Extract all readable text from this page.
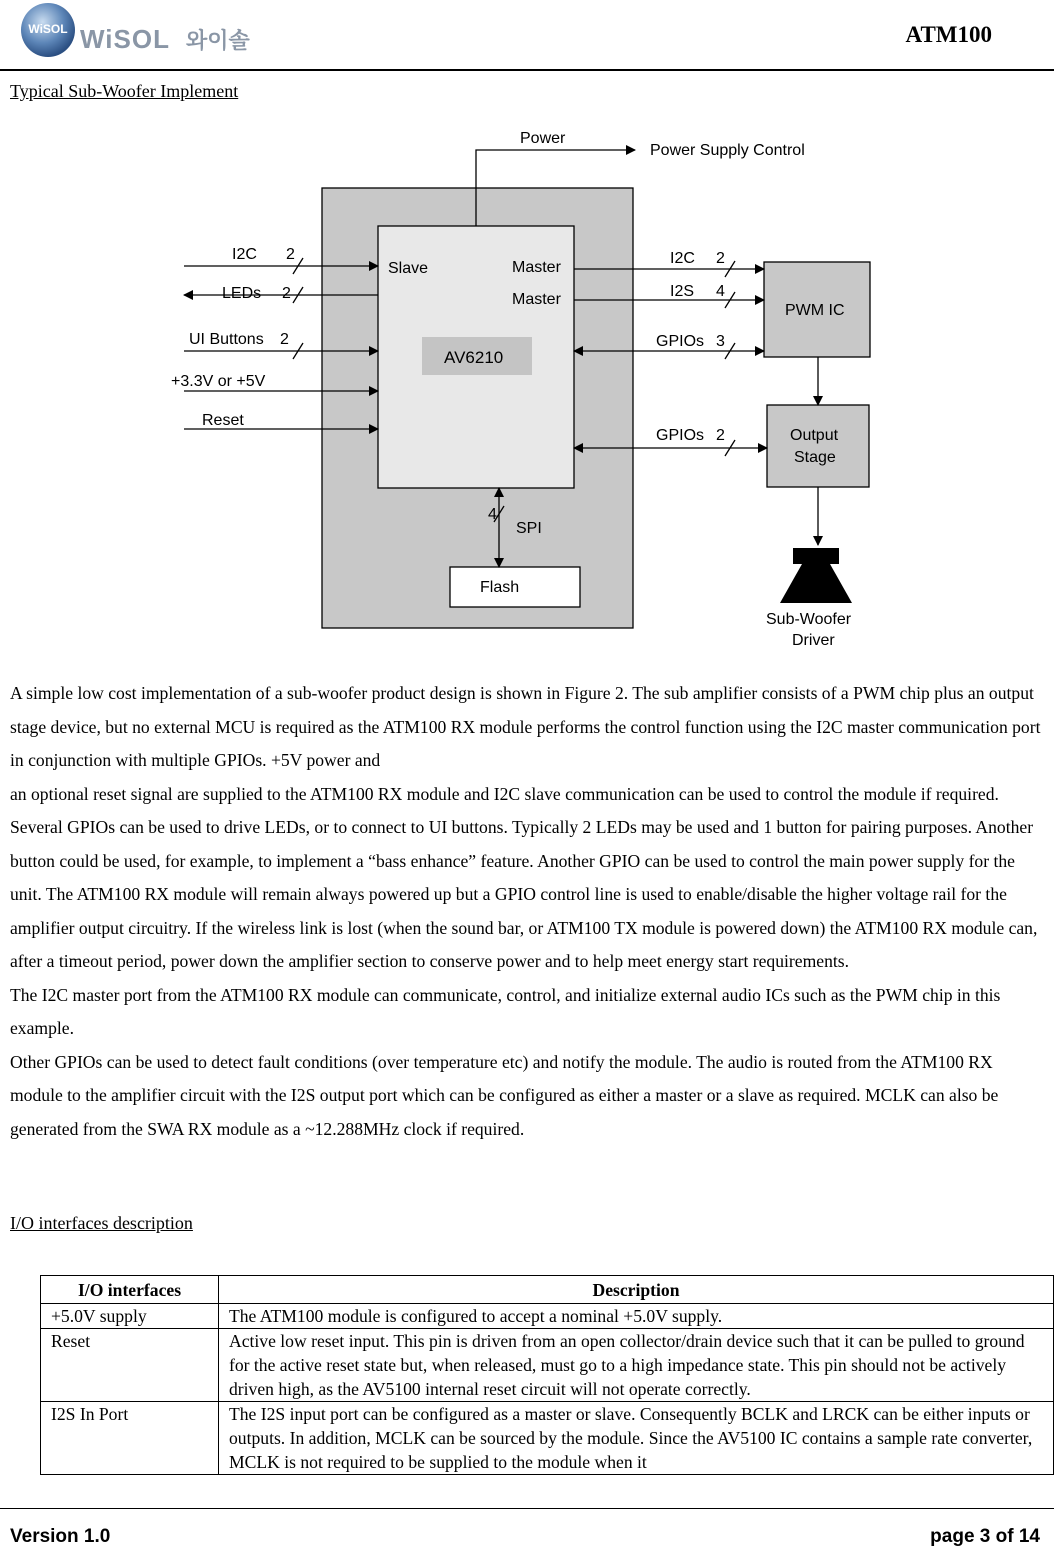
WiSOL WiSOL 와이솔	ATM100
Typical Sub-Woofer Implement
Power
Power Supply Control
I2C 2
LEDs 2
UI Buttons 2
+3.3V or +5V
Reset
Slave	Master
Master
AV6210
I2C 2
I2S 4
GPIOs 3
GPIOs 2
PWM IC
Output
Stage
4
SPI
Flash
Sub-Woofer
Driver

A simple low cost implementation of a sub-woofer product design is shown in Figure 2. The sub amplifier consists of a PWM chip plus an output stage device, but no external MCU is required as the ATM100 RX module performs the control function using the I2C master communication port in conjunction with multiple GPIOs. +5V power and

an optional reset signal are supplied to the ATM100 RX module and I2C slave communication can be used to control the module if required. Several GPIOs can be used to drive LEDs, or to connect to UI buttons. Typically 2 LEDs may be used and 1 button for pairing purposes. Another button could be used, for example, to implement a “bass enhance” feature. Another GPIO can be used to control the main power supply for the unit. The ATM100 RX module will remain always powered up but a GPIO control line is used to enable/disable the higher voltage rail for the amplifier output circuitry. If the wireless link is lost (when the sound bar, or ATM100 TX module is powered down) the ATM100 RX module can, after a timeout period, power down the amplifier section to conserve power and to help meet energy start requirements.

The I2C master port from the ATM100 RX module can communicate, control, and initialize external audio ICs such as the PWM chip in this example.

Other GPIOs can be used to detect fault conditions (over temperature etc) and notify the module. The audio is routed from the ATM100 RX module to the amplifier circuit with the I2S output port which can be configured as either a master or a slave as required. MCLK can also be generated from the SWA RX module as a ~12.288MHz clock if required.

I/O interfaces description
I/O interfaces	Description
+5.0V supply	The ATM100 module is configured to accept a nominal +5.0V supply.
Reset	Active low reset input. This pin is driven from an open collector/drain device such that it can be pulled to ground for the active reset state but, when released, must go to a high impedance state. This pin should not be actively driven high, as the AV5100 internal reset circuit will not operate correctly.
I2S In Port	The I2S input port can be configured as a master or slave. Consequently BCLK and LRCK can be either inputs or outputs. In addition, MCLK can be sourced by the module. Since the AV5100 IC contains a sample rate converter, MCLK is not required to be supplied to the module when it
Version 1.0	page 3 of 14
